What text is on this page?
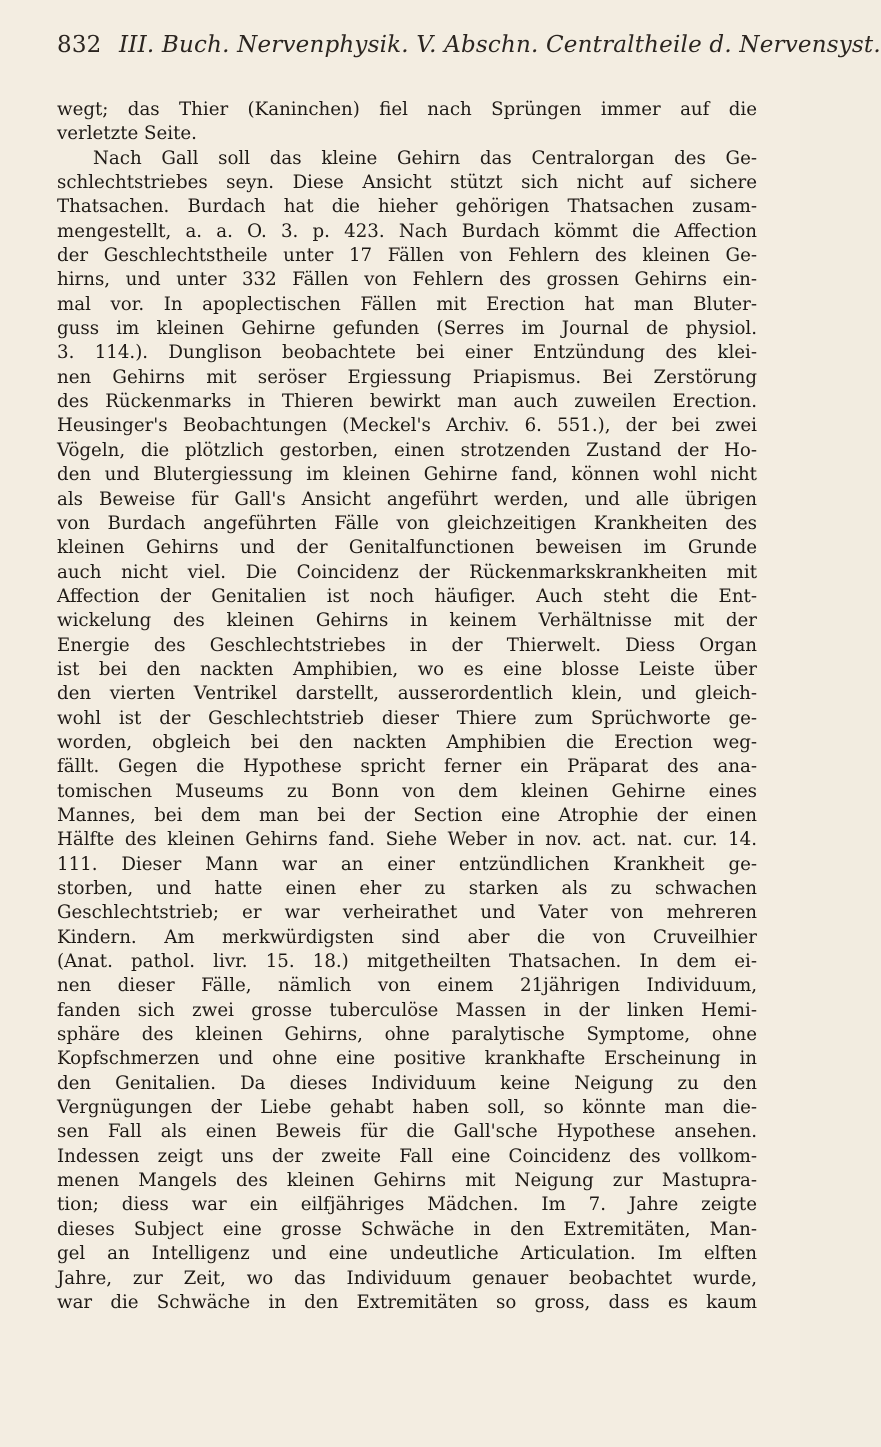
832 III. Buch. Nervenphysik. V. Abschn. Centraltheile d. Nervensyst.
wegt; das Thier (Kaninchen) fiel nach Sprüngen immer auf die
verletzte Seite.
Nach Gall soll das kleine Gehirn das Centralorgan des Ge-
schlechtstriebes seyn. Diese Ansicht stützt sich nicht auf sichere
Thatsachen. Burdach hat die hieher gehörigen Thatsachen zusam-
mengestellt, a. a. O. 3. p. 423. Nach Burdach kömmt die Affection
der Geschlechtstheile unter 17 Fällen von Fehlern des kleinen Ge-
hirns, und unter 332 Fällen von Fehlern des grossen Gehirns ein-
mal vor. In apoplectischen Fällen mit Erection hat man Bluter-
guss im kleinen Gehirne gefunden (Serres im Journal de physiol.
3. 114.). Dunglison beobachtete bei einer Entzündung des klei-
nen Gehirns mit seröser Ergiessung Priapismus. Bei Zerstörung
des Rückenmarks in Thieren bewirkt man auch zuweilen Erection.
Heusinger's Beobachtungen (Meckel's Archiv. 6. 551.), der bei zwei
Vögeln, die plötzlich gestorben, einen strotzenden Zustand der Ho-
den und Blutergiessung im kleinen Gehirne fand, können wohl nicht
als Beweise für Gall's Ansicht angeführt werden, und alle übrigen
von Burdach angeführten Fälle von gleichzeitigen Krankheiten des
kleinen Gehirns und der Genitalfunctionen beweisen im Grunde
auch nicht viel. Die Coincidenz der Rückenmarkskrankheiten mit
Affection der Genitalien ist noch häufiger. Auch steht die Ent-
wickelung des kleinen Gehirns in keinem Verhältnisse mit der
Energie des Geschlechtstriebes in der Thierwelt. Diess Organ
ist bei den nackten Amphibien, wo es eine blosse Leiste über
den vierten Ventrikel darstellt, ausserordentlich klein, und gleich-
wohl ist der Geschlechtstrieb dieser Thiere zum Sprüchworte ge-
worden, obgleich bei den nackten Amphibien die Erection weg-
fällt. Gegen die Hypothese spricht ferner ein Präparat des ana-
tomischen Museums zu Bonn von dem kleinen Gehirne eines
Mannes, bei dem man bei der Section eine Atrophie der einen
Hälfte des kleinen Gehirns fand. Siehe Weber in nov. act. nat. cur. 14.
111. Dieser Mann war an einer entzündlichen Krankheit ge-
storben, und hatte einen eher zu starken als zu schwachen
Geschlechtstrieb; er war verheirathet und Vater von mehreren
Kindern. Am merkwürdigsten sind aber die von Cruveilhier
(Anat. pathol. livr. 15. 18.) mitgetheilten Thatsachen. In dem ei-
nen dieser Fälle, nämlich von einem 21jährigen Individuum,
fanden sich zwei grosse tuberculöse Massen in der linken Hemi-
sphäre des kleinen Gehirns, ohne paralytische Symptome, ohne
Kopfschmerzen und ohne eine positive krankhafte Erscheinung in
den Genitalien. Da dieses Individuum keine Neigung zu den
Vergnügungen der Liebe gehabt haben soll, so könnte man die-
sen Fall als einen Beweis für die Gall'sche Hypothese ansehen.
Indessen zeigt uns der zweite Fall eine Coincidenz des vollkom-
menen Mangels des kleinen Gehirns mit Neigung zur Mastupra-
tion; diess war ein eilfjähriges Mädchen. Im 7. Jahre zeigte
dieses Subject eine grosse Schwäche in den Extremitäten, Man-
gel an Intelligenz und eine undeutliche Articulation. Im elften
Jahre, zur Zeit, wo das Individuum genauer beobachtet wurde,
war die Schwäche in den Extremitäten so gross, dass es kaum
